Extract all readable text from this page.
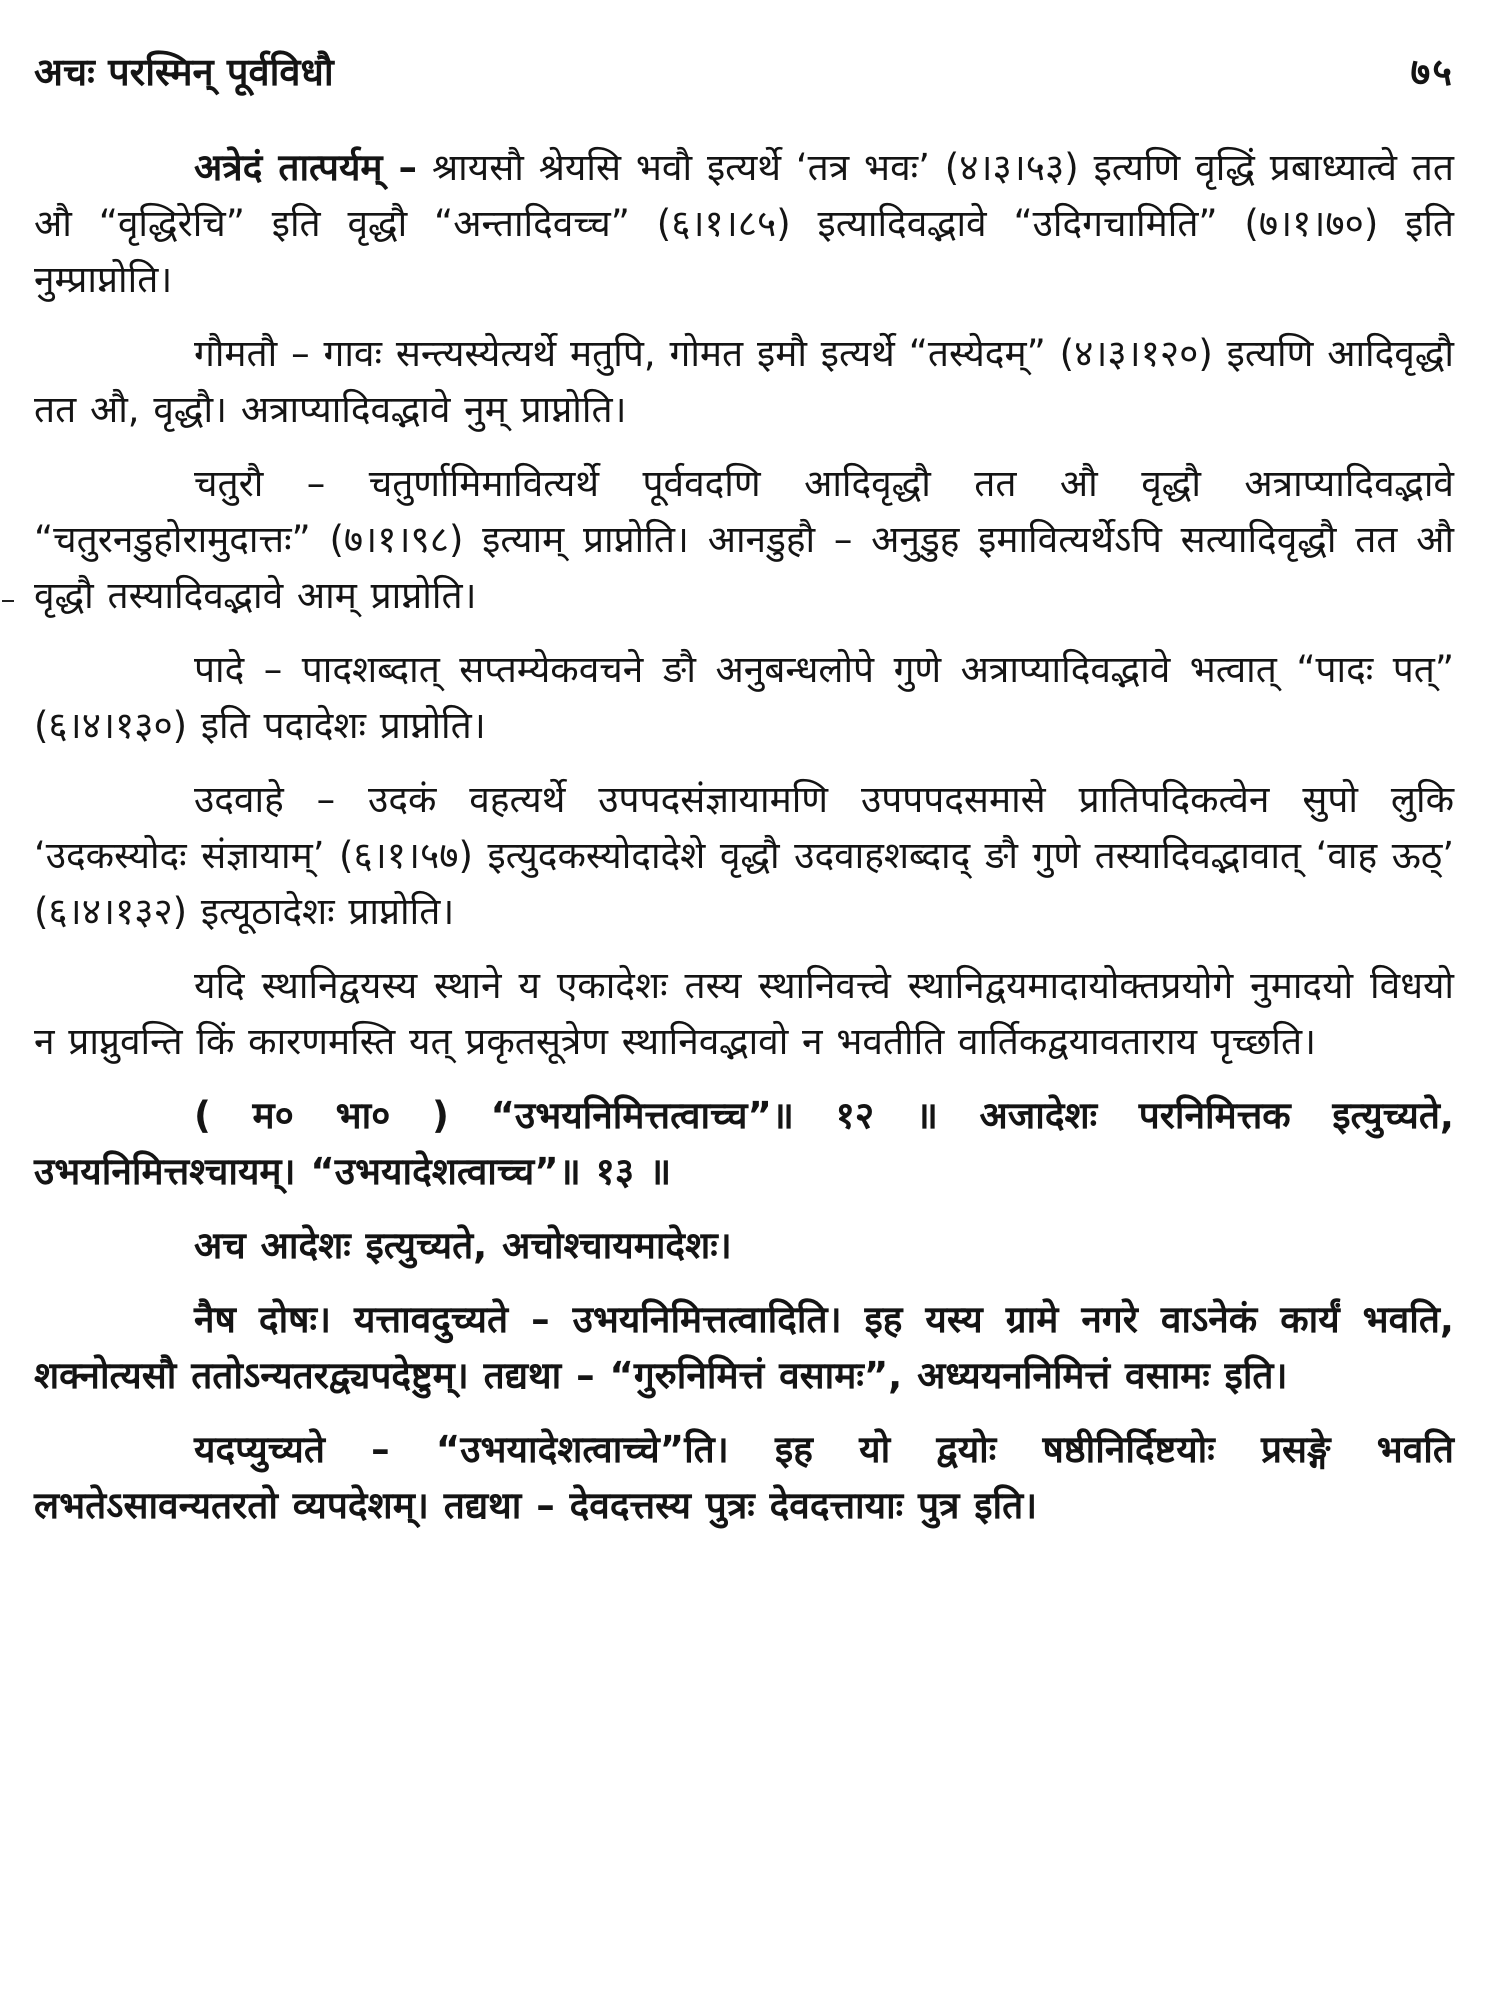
अचः परस्मिन् पूर्वविधौ	७५

अत्रेदं तात्पर्यम् – श्रायसौ श्रेयसि भवौ इत्यर्थे ‘तत्र भवः’ (४।३।५३) इत्यणि वृद्धिं प्रबाध्यात्वे तत औ “वृद्धिरेचि” इति वृद्धौ “अन्तादिवच्च” (६।१।८५) इत्यादिवद्भावे “उदिगचामिति” (७।१।७०) इति नुम्प्राप्नोति।

गौमतौ – गावः सन्त्यस्येत्यर्थे मतुपि, गोमत इमौ इत्यर्थे “तस्येदम्” (४।३।१२०) इत्यणि आदिवृद्धौ तत औ, वृद्धौ। अत्राप्यादिवद्भावे नुम् प्राप्नोति।

चतुरौ – चतुर्णामिमावित्यर्थे पूर्ववदणि आदिवृद्धौ तत औ वृद्धौ अत्राप्यादिवद्भावे “चतुरनडुहोरामुदात्तः” (७।१।९८) इत्याम् प्राप्नोति। आनडुहौ – अनुडुह इमावित्यर्थेऽपि सत्यादिवृद्धौ तत औ वृद्धौ तस्यादिवद्भावे आम् प्राप्नोति।

पादे – पादशब्दात् सप्तम्येकवचने ङौ अनुबन्धलोपे गुणे अत्राप्यादिवद्भावे भत्वात् “पादः पत्” (६।४।१३०) इति पदादेशः प्राप्नोति।

उदवाहे – उदकं वहत्यर्थे उपपदसंज्ञायामणि उपपपदसमासे प्रातिपदिकत्वेन सुपो लुकि ‘उदकस्योदः संज्ञायाम्’ (६।१।५७) इत्युदकस्योदादेशे वृद्धौ उदवाहशब्दाद् ङौ गुणे तस्यादिवद्भावात् ‘वाह ऊठ्’ (६।४।१३२) इत्यूठादेशः प्राप्नोति।

यदि स्थानिद्वयस्य स्थाने य एकादेशः तस्य स्थानिवत्त्वे स्थानिद्वयमादायोक्तप्रयोगे नुमादयो विधयो न प्राप्नुवन्ति किं कारणमस्ति यत् प्रकृतसूत्रेण स्थानिवद्भावो न भवतीति वार्तिकद्वयावताराय पृच्छति।

( म० भा० ) “उभयनिमित्तत्वाच्च”॥ १२ ॥ अजादेशः परनिमित्तक इत्युच्यते, उभयनिमित्तश्चायम्। “उभयादेशत्वाच्च”॥ १३ ॥

अच आदेशः इत्युच्यते, अचोश्चायमादेशः।

नैष दोषः। यत्तावदुच्यते – उभयनिमित्तत्वादिति। इह यस्य ग्रामे नगरे वाऽनेकं कार्यं भवति, शक्नोत्यसौ ततोऽन्यतरद्व्यपदेष्टुम्। तद्यथा – “गुरुनिमित्तं वसामः”, अध्ययननिमित्तं वसामः इति।

यदप्युच्यते – “उभयादेशत्वाच्चे”ति। इह यो द्वयोः षष्ठीनिर्दिष्टयोः प्रसङ्गे भवति लभतेऽसावन्यतरतो व्यपदेशम्। तद्यथा – देवदत्तस्य पुत्रः देवदत्तायाः पुत्र इति।
